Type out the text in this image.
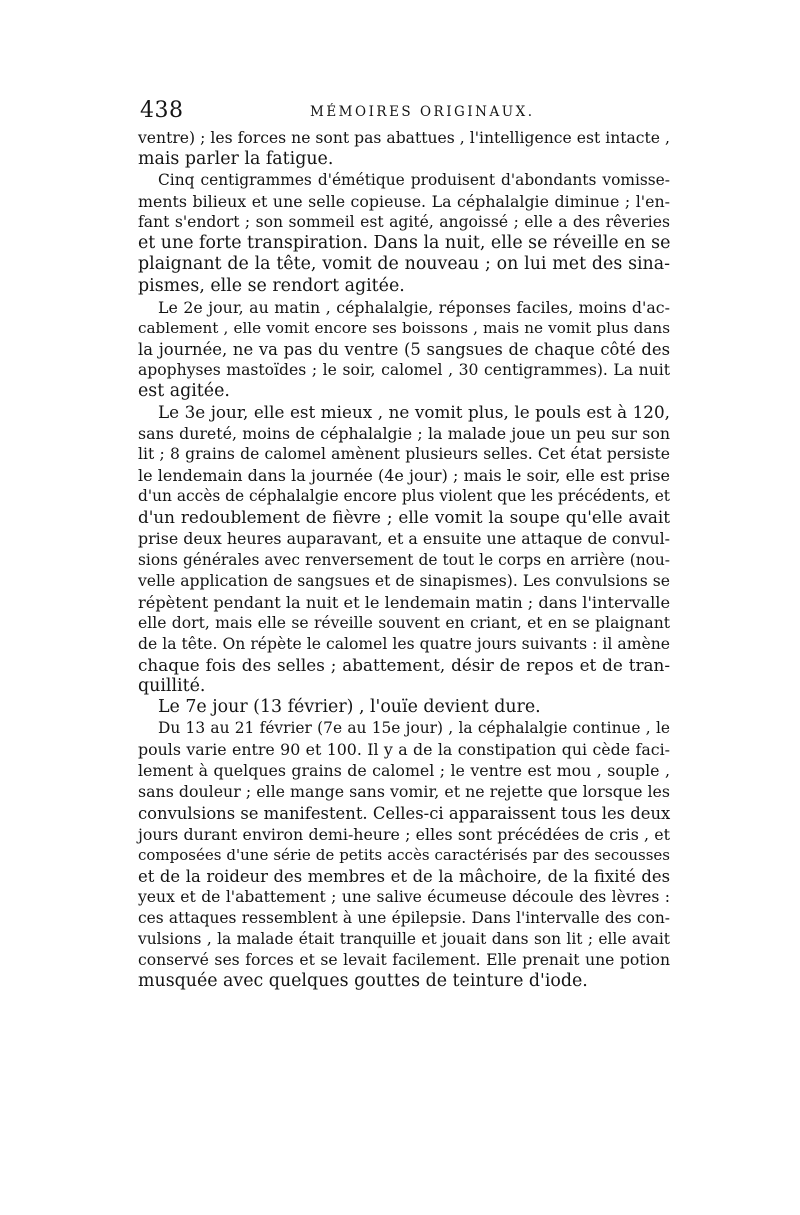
438	MÉMOIRES ORIGINAUX.
ventre) ; les forces ne sont pas abattues , l'intelligence est intacte ,
mais parler la fatigue.
Cinq centigrammes d'émétique produisent d'abondants vomisse-
ments bilieux et une selle copieuse. La céphalalgie diminue ; l'en-
fant s'endort ; son sommeil est agité, angoissé ; elle a des rêveries
et une forte transpiration. Dans la nuit, elle se réveille en se
plaignant de la tête, vomit de nouveau ; on lui met des sina-
pismes, elle se rendort agitée.
Le 2e jour, au matin , céphalalgie, réponses faciles, moins d'ac-
cablement , elle vomit encore ses boissons , mais ne vomit plus dans
la journée, ne va pas du ventre (5 sangsues de chaque côté des
apophyses mastoïdes ; le soir, calomel , 30 centigrammes). La nuit
est agitée.
Le 3e jour, elle est mieux , ne vomit plus, le pouls est à 120,
sans dureté, moins de céphalalgie ; la malade joue un peu sur son
lit ; 8 grains de calomel amènent plusieurs selles. Cet état persiste
le lendemain dans la journée (4e jour) ; mais le soir, elle est prise
d'un accès de céphalalgie encore plus violent que les précédents, et
d'un redoublement de fièvre ; elle vomit la soupe qu'elle avait
prise deux heures auparavant, et a ensuite une attaque de convul-
sions générales avec renversement de tout le corps en arrière (nou-
velle application de sangsues et de sinapismes). Les convulsions se
répètent pendant la nuit et le lendemain matin ; dans l'intervalle
elle dort, mais elle se réveille souvent en criant, et en se plaignant
de la tête. On répète le calomel les quatre jours suivants : il amène
chaque fois des selles ; abattement, désir de repos et de tran-
quillité.
Le 7e jour (13 février) , l'ouïe devient dure.
Du 13 au 21 février (7e au 15e jour) , la céphalalgie continue , le
pouls varie entre 90 et 100. Il y a de la constipation qui cède faci-
lement à quelques grains de calomel ; le ventre est mou , souple ,
sans douleur ; elle mange sans vomir, et ne rejette que lorsque les
convulsions se manifestent. Celles-ci apparaissent tous les deux
jours durant environ demi-heure ; elles sont précédées de cris , et
composées d'une série de petits accès caractérisés par des secousses
et de la roideur des membres et de la mâchoire, de la fixité des
yeux et de l'abattement ; une salive écumeuse découle des lèvres :
ces attaques ressemblent à une épilepsie. Dans l'intervalle des con-
vulsions , la malade était tranquille et jouait dans son lit ; elle avait
conservé ses forces et se levait facilement. Elle prenait une potion
musquée avec quelques gouttes de teinture d'iode.
